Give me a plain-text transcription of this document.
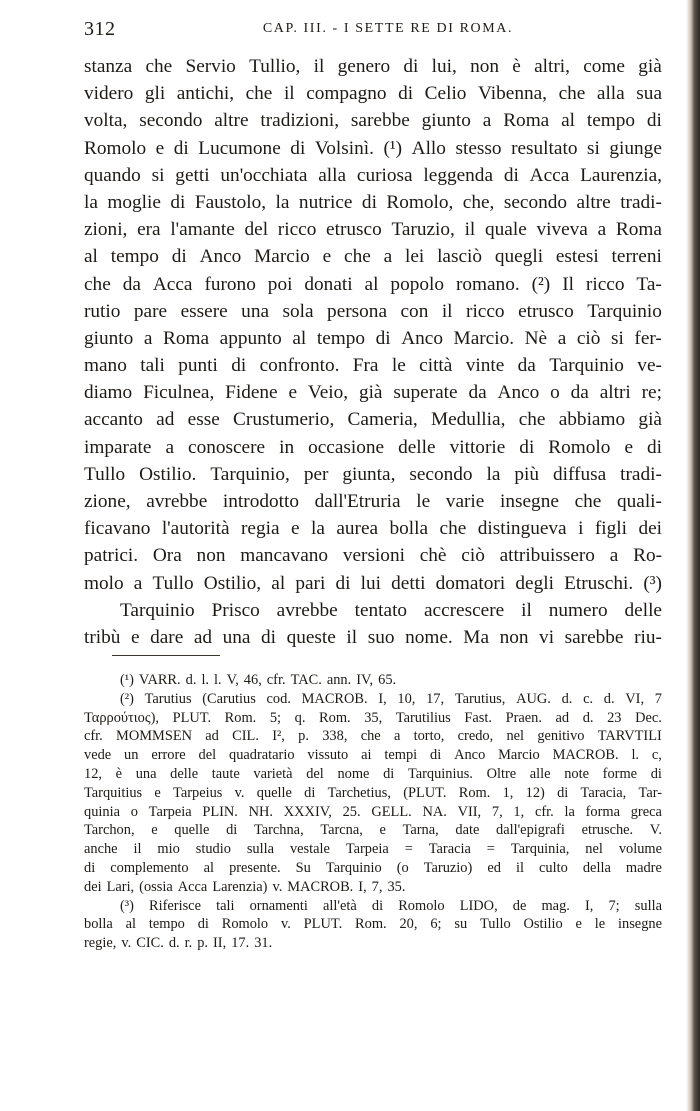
312	CAP. III. - I SETTE RE DI ROMA.
stanza che Servio Tullio, il genero di lui, non è altri, come già
videro gli antichi, che il compagno di Celio Vibenna, che alla sua
volta, secondo altre tradizioni, sarebbe giunto a Roma al tempo di
Romolo e di Lucumone di Volsinì. (¹) Allo stesso resultato si giunge
quando si getti un'occhiata alla curiosa leggenda di Acca Laurenzia,
la moglie di Faustolo, la nutrice di Romolo, che, secondo altre tradi-
zioni, era l'amante del ricco etrusco Taruzio, il quale viveva a Roma
al tempo di Anco Marcio e che a lei lasciò quegli estesi terreni
che da Acca furono poi donati al popolo romano. (²) Il ricco Ta-
rutio pare essere una sola persona con il ricco etrusco Tarquinio
giunto a Roma appunto al tempo di Anco Marcio. Nè a ciò si fer-
mano tali punti di confronto. Fra le città vinte da Tarquinio ve-
diamo Ficulnea, Fidene e Veio, già superate da Anco o da altri re;
accanto ad esse Crustumerio, Cameria, Medullia, che abbiamo già
imparate a conoscere in occasione delle vittorie di Romolo e di
Tullo Ostilio. Tarquinio, per giunta, secondo la più diffusa tradi-
zione, avrebbe introdotto dall'Etruria le varie insegne che quali-
ficavano l'autorità regia e la aurea bolla che distingueva i figli dei
patrici. Ora non mancavano versioni chè ciò attribuissero a Ro-
molo a Tullo Ostilio, al pari di lui detti domatori degli Etruschi. (³)
Tarquinio Prisco avrebbe tentato accrescere il numero delle
tribù e dare ad una di queste il suo nome. Ma non vi sarebbe riu-
(¹) VARR. d. l. l. V, 46, cfr. TAC. ann. IV, 65.
(²) Tarutius (Carutius cod. MACROB. I, 10, 17, Tarutius, AUG. d. c. d. VI, 7
Ταρρούτιος), PLUT. Rom. 5; q. Rom. 35, Tarutilius Fast. Praen. ad d. 23 Dec.
cfr. MOMMSEN ad CIL. I², p. 338, che a torto, credo, nel genitivo TARVTILI
vede un errore del quadratario vissuto ai tempi di Anco Marcio MACROB. l. c,
12, è una delle taute varietà del nome di Tarquinius. Oltre alle note forme di
Tarquitius e Tarpeius v. quelle di Tarchetius, (PLUT. Rom. 1, 12) di Taracia, Tar-
quinia o Tarpeia PLIN. NH. XXXIV, 25. GELL. NA. VII, 7, 1, cfr. la forma greca
Tarchon, e quelle di Tarchna, Tarcna, e Tarna, date dall'epigrafi etrusche. V.
anche il mio studio sulla vestale Tarpeia = Taracia = Tarquinia, nel volume
di complemento al presente. Su Tarquinio (o Taruzio) ed il culto della madre
dei Lari, (ossia Acca Larenzia) v. MACROB. I, 7, 35.
(³) Riferisce tali ornamenti all'età di Romolo LIDO, de mag. I, 7; sulla
bolla al tempo di Romolo v. PLUT. Rom. 20, 6; su Tullo Ostilio e le insegne
regie, v. CIC. d. r. p. II, 17. 31.
